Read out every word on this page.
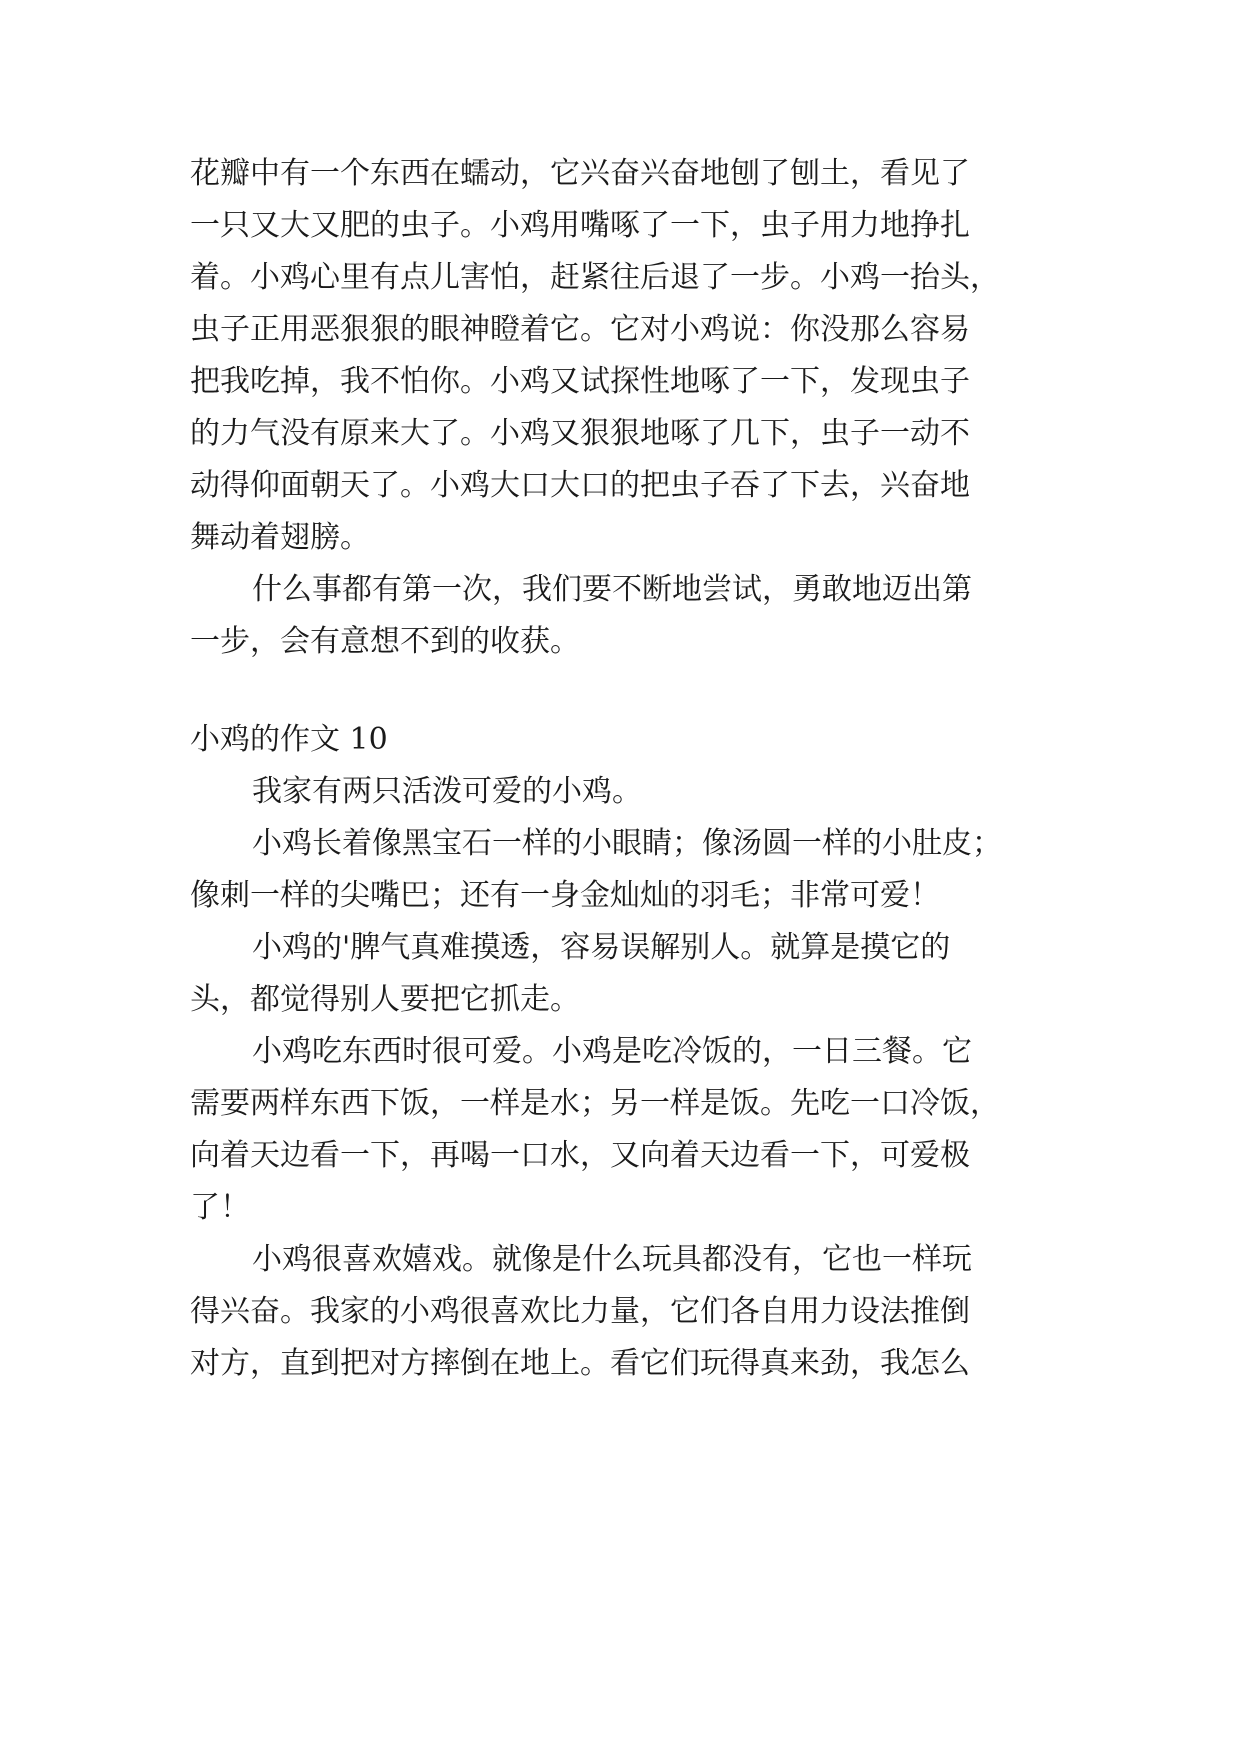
花瓣中有一个东西在蠕动，它兴奋兴奋地刨了刨土，看见了
一只又大又肥的虫子。小鸡用嘴啄了一下，虫子用力地挣扎
着。小鸡心里有点儿害怕，赶紧往后退了一步。小鸡一抬头，
虫子正用恶狠狠的眼神瞪着它。它对小鸡说：你没那么容易
把我吃掉，我不怕你。小鸡又试探性地啄了一下，发现虫子
的力气没有原来大了。小鸡又狠狠地啄了几下，虫子一动不
动得仰面朝天了。小鸡大口大口的把虫子吞了下去，兴奋地
舞动着翅膀。
什么事都有第一次，我们要不断地尝试，勇敢地迈出第
一步，会有意想不到的收获。
小鸡的作文 10
我家有两只活泼可爱的小鸡。
小鸡长着像黑宝石一样的小眼睛；像汤圆一样的小肚皮；
像刺一样的尖嘴巴；还有一身金灿灿的羽毛；非常可爱！
小鸡的'脾气真难摸透，容易误解别人。就算是摸它的
头，都觉得别人要把它抓走。
小鸡吃东西时很可爱。小鸡是吃冷饭的，一日三餐。它
需要两样东西下饭，一样是水；另一样是饭。先吃一口冷饭，
向着天边看一下，再喝一口水，又向着天边看一下，可爱极
了！
小鸡很喜欢嬉戏。就像是什么玩具都没有，它也一样玩
得兴奋。我家的小鸡很喜欢比力量，它们各自用力设法推倒
对方，直到把对方摔倒在地上。看它们玩得真来劲，我怎么
